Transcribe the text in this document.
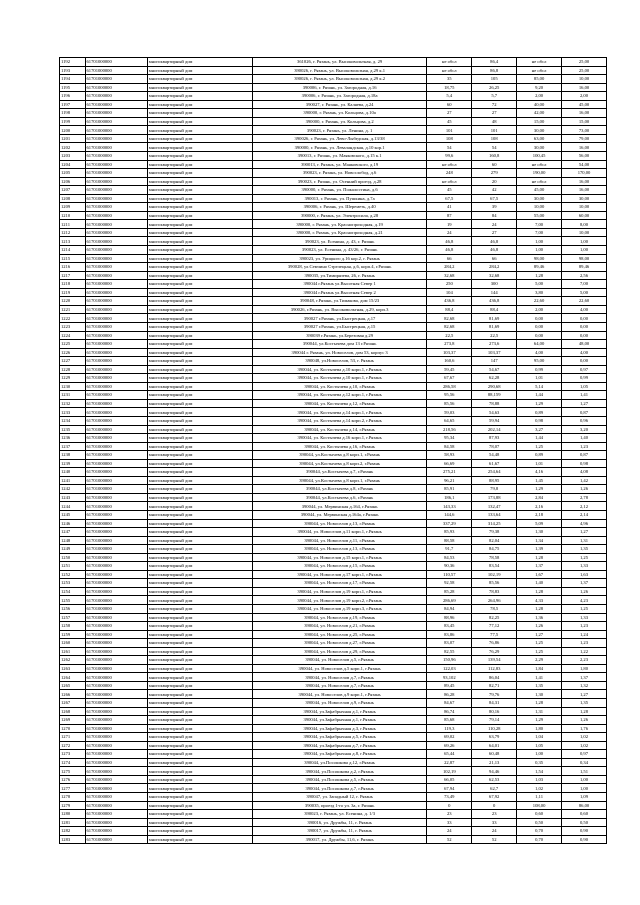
1192	61701000000	многоквартирный дом	361026, г. Рязань, ул. Высоковольтная, д. 29	не обсл	86,4	не обсл	25,00
1193	61701000000	многоквартирный дом	390026, г. Рязань, ул. Высоковольтная, д.29 к.1	не обсл	86,8	не обсл	25,00
1194	61701000000	многоквартирный дом	390026, г. Рязань, ул. Высоковольтная, д.29 к.2	35	105	85,00	10,00
1195	61701000000	многоквартирный дом	390006, г. Рязань, ул. Загородная, д.16	18,75	26,25	9,20	16,00
1196	61701000000	многоквартирный дом	390006, г. Рязань, ул. Загородная, д.18а	5,4	5,7	2,00	2,00
1197	61701000000	многоквартирный дом	390027, г. Рязань, ул. Каляева, д.24	60	72	40,00	45,00
1198	61701000000	многоквартирный дом	390000, г. Рязань, ул. Кольцова, д.10а	27	27	42,00	16,00
1199	61701000000	многоквартирный дом	390000, г. Рязань, ул. Кольцова, д.2	45	48	15,00	15,00
1200	61701000000	многоквартирный дом	390023, г. Рязань, ул. Ленина, д. 1	101	101	30,00	73,00
1201	61701000000	многоквартирный дом	390026, г. Рязань, ул. Лево-Лыбедская, д.13/38	108	108	63,00	79,00
1202	61701000000	многоквартирный дом	390000, г. Рязань, ул. Леваландская, д.10 кор.1	54	54	30,00	16,00
1203	61701000000	многоквартирный дом	390013, г. Рязань, ул. Маяковского, д.15 к.1	99,6	160,8	100,45	56,00
1204	61701000000	многоквартирный дом	390013, г. Рязань, ул. Маяковского, д.19	не обсл	60	не обсл	54,00
1205	61701000000	многоквартирный дом	390023, г. Рязань, ул. Новослобод, д.6	248	279	190,00	170,00
1206	61701000000	многоквартирный дом	390023, г. Рязань, ул. Осенний проезд, д.28	не обсл	20	не обсл	16,00
1207	61701000000	многоквартирный дом	390000, г. Рязань, ул. Пожалостина, д.6	45	42	45,00	16,00
1208	61701000000	многоквартирный дом	390013, г. Рязань, ул. Пушкина, д.7а	67,5	67,5	30,00	30,00
1209	61701000000	многоквартирный дом	390006, г. Рязань, ул. Шереметь, д.40	41	39	10,00	10,00
1210	61701000000	многоквартирный дом	390000, г. Рязань, ул. Электросила, д.28	87	84	55,00	60,00
1211	61701000000	многоквартирный дом	390000, г. Рязань, ул. Краснопроходная, д.19	19	24	7,00	8,00
1212	61701000000	многоквартирный дом	390000, г. Рязань, ул. Краснопроходная, д.21	24	27	7,00	10,00
1213	61701000000	многоквартирный дом	390023, ул. Есенина, д. 43, г. Рязань	46,8	46,8	1,00	1,00
1214	61701000000	многоквартирный дом	390023, ул. Есенина, д. 43/26, г. Рязань	46,8	46,8	1,00	1,00
1215	61701000000	многоквартирный дом	390023, ул. Урицкого д.16 кор.2, г. Рязань	66	66	98,00	98,00
1216	61701000000	многоквартирный дом	390028, ул.Семчино Стрелецкая, д.6, корп.4, г.Рязань	284,2	284,2	89,46	89,46
1217	61701000000	многоквартирный дом	390035, ул.Тимирязева, 26, г. Рязань	32,68	32,68	1,28	2,56
1218	61701000000	многоквартирный дом	390044 г.Рязань ул.Высотная Север 1	250	300	5,00	7,00
1219	61701000000	многоквартирный дом	390044 г.Рязань ул.Высотная Север 2	104	144	3,80	5,00
1220	61701000000	многоквартирный дом	390048, г.Рязань, ул.Тимакова, дом 15/23	436,8	436,8	22,60	22,60
1221	61701000000	многоквартирный дом	390026, г.Рязань, ул. Высоковольтная, д.29, корп.3	88,4	88,4	2,00	4,00
1222	61701000000	многоквартирный дом	390027 г.Рязань, ул.Быстрецкая, д.17	82,68	81,69	0,00	0,00
1223	61701000000	многоквартирный дом	390027 г.Рязань, ул.Быстрецкая, д.15	82,68	81,69	0,00	0,00
1224	61701000000	многоквартирный дом	390039 г.Рязань, ул.Березовая д.29	22,5	22,5	0,00	0,00
1225	61701000000	многоквартирный дом	390044, ул.Костычева дом 13 г.Рязань	273,8	273,6	64,00	48,00
1226	61701000000	многоквартирный дом	390044 г. Рязань, ул. Новоселов, дом 53, корпус 3	103,37	103,37	4,00	4,00
1227	61701000000	многоквартирный дом	390048, ул.Новоселов, 53, г. Рязань	160,6	147	95,00	0,00
1228	61701000000	многоквартирный дом	390044, ул. Костычева д.10 корп.1, г.Рязань	59,45	54,67	0,99	0,97
1229	61701000000	многоквартирный дом	390044, ул. Костычева д.10 корп.1, г.Рязань	67,67	62,28	1,01	0,99
1230	61701000000	многоквартирный дом	390044, ул. Костычева д.10, г.Рязань	286,58	290,68	5,14	1,05
1231	61701000000	многоквартирный дом	390044, ул. Костычева д.12 корп.1, г.Рязань	95,56	88,159	1,44	1,41
1232	61701000000	многоквартирный дом	390044, ул. Костычева д.12, г.Рязань	85,56	78,88	1,29	1,27
1233	61701000000	многоквартирный дом	390044, ул. Костычева д.14 корп.1, г.Рязань	59,03	54,63	0,89	0,87
1234	61701000000	многоквартирный дом	390044, ул. Костычева д.14 корп.2, г.Рязань	64,65	59,94	0,98	0,96
1235	61701000000	многоквартирный дом	390044, ул. Костычева д.14, г.Рязань	218,56	202,14	3,27	3,20
1236	61701000000	многоквартирный дом	390044, ул. Костычева д.16 корп.1, г.Рязань	95,34	87,93	1,44	1,40
1237	61701000000	многоквартирный дом	390044, ул. Костычева д.16, г.Рязань	84,58	78,07	1,25	1,23
1238	61701000000	многоквартирный дом	390044, ул.Костычева д.8 корп.1, г.Рязань	58,93	54,48	0,89	0,87
1239	61701000000	многоквартирный дом	390044, ул.Костычева д.8 корп.2, г.Рязань	66,69	61,67	1,01	0,98
1240	61701000000	многоквартирный дом	390044, ул.Костычева д.7, г.Рязань	275,21	254,64	4,16	4,08
1241	61701000000	многоквартирный дом	390044, ул.Костычева д.8 корп.1, г.Рязань	96,21	88,95	1,45	1,42
1242	61701000000	многоквартирный дом	390044, ул.Костычева д.8, г.Рязань	85,91	79,8	1,29	1,26
1243	61701000000	многоквартирный дом	390044, ул.Костычева д.6, г.Рязань	186,1	173,88	2,84	2,78
1244	61701000000	многоквартирный дом	390044, ул. Мервинская д.164, г.Рязань	143,33	132,47	2,16	2,12
1245	61701000000	многоквартирный дом	390044, ул. Мервинская д.164а, г.Рязань	144,6	133,64	2,18	2,14
1246	61701000000	многоквартирный дом	390044, ул. Новоселов д.13, г.Рязань	337,29	314,25	5,09	4,96
1247	61701000000	многоквартирный дом	390044, ул. Новоселов д.11 корп.1, г.Рязань	85,93	79,38	1,30	1,27
1248	61701000000	многоквартирный дом	390044, ул. Новоселов д.11, г.Рязань	88,58	82,04	1,34	1,31
1249	61701000000	многоквартирный дом	390044, ул. Новоселов д.13, г.Рязань	91,7	84,75	1,39	1,35
1250	61701000000	многоквартирный дом	390044, ул. Новоселов д.15 корп.1, г.Рязань	84,53	78,58	1,28	1,25
1251	61701000000	многоквартирный дом	390044, ул. Новоселов д.15, г.Рязань	90,36	83,54	1,37	1,33
1252	61701000000	многоквартирный дом	390044, ул. Новоселов д.17 корп.1, г.Рязань	110,57	102,19	1,67	1,63
1253	61701000000	многоквартирный дом	390044, ул. Новоселов д.17, г.Рязань	92,58	85,56	1,40	1,37
1254	61701000000	многоквартирный дом	390044, ул. Новоселов д.19 корп.1, г.Рязань	85,28	78,83	1,28	1,26
1255	61701000000	многоквартирный дом	390044, ул. Новоселов д.19 корп.2, г.Рязань	286,69	264,96	4,33	4,23
1256	61701000000	многоквартирный дом	390044, ул. Новоселов д.19 корп.3, г.Рязань	84,94	78,5	1,28	1,25
1257	61701000000	многоквартирный дом	390044, ул. Новоселов д.19, г.Рязань	88,96	82,25	1,36	1,33
1258	61701000000	многоквартирный дом	390044, ул. Новоселов д.21, г.Рязань	83,45	77,12	1,26	1,23
1259	61701000000	многоквартирный дом	390044, ул. Новоселов д.25, г.Рязань	83,86	77,5	1,27	1,24
1260	61701000000	многоквартирный дом	390044, ул. Новоселов д.27, г.Рязань	83,07	76,86	1,25	1,23
1261	61701000000	многоквартирный дом	390044, ул. Новоселов д.29, г.Рязань	82,55	76,29	1,25	1,22
1262	61701000000	многоквартирный дом	390044, ул. Новоселов д.5, г.Рязань	150,96	139,54	2,29	2,23
1263	61701000000	многоквартирный дом	390044, ул. Новоселов д.5 корп.1, г.Рязань	122,03	112,83	1,84	1,80
1264	61701000000	многоквартирный дом	390044, ул. Новоселов д.7, г.Рязань	93,102	86,04	1,41	1,37
1265	61701000000	многоквартирный дом	390044, ул. Новоселов д.7, г.Рязань	89,45	82,71	1,35	1,32
1266	61701000000	многоквартирный дом	390044, ул. Новоселов д.9 корп.1, г.Рязань	86,28	79,76	1,30	1,27
1267	61701000000	многоквартирный дом	390044, ул. Новоселов д.9, г.Рязань	84,67	84,31	1,28	1,35
1268	61701000000	многоквартирный дом	390044, ул.Зафабрычная д.1, г.Рязань	86,74	80,16	1,31	1,28
1269	61701000000	многоквартирный дом	390044, ул.Зафабрычная д.1, г.Рязань	85,68	79,14	1,29	1,26
1270	61701000000	многоквартирный дом	390044, ул.Зафабрычная д.3, г.Рязань	119,3	110,28	1,80	1,76
1271	61701000000	многоквартирный дом	390044, ул.Зафабрычная д.5, г.Рязань	69,02	63,79	1,04	1,02
1272	61701000000	многоквартирный дом	390044, ул.Зафабрычная д.7, г.Рязань	69,26	64,01	1,05	1,02
1273	61701000000	многоквартирный дом	390044, ул.Зафабрычная д.8, г.Рязань	65,44	60,48	1,00	0,97
1274	61701000000	многоквартирный дом	390044, ул.Посошкова д.12, г.Рязань	22,87	21,13	0,35	0,34
1275	61701000000	многоквартирный дом	390044, ул.Посошкова д.2, г.Рязань	102,19	94,46	1,54	1,51
1276	61701000000	многоквартирный дом	390044, ул.Посошкова д.5, г.Рязань	66,05	62,53	1,03	1,00
1277	61701000000	многоквартирный дом	390044, ул.Посошкова д.7, г.Рязань	67,94	62,7	1,02	1,00
1278	61701000000	многоквартирный дом	390047, ул. Западный 12, г. Рязань	73,49	67,92	1,11	1,09
1279	61701000000	многоквартирный дом	390035, проезд 1-го ул. 3а, г. Рязань	0	0	108,00	86,00
1280	61701000000	многоквартирный дом	390023, г. Рязань, ул. Есенина, д. 1/3	23	23	0,60	0,60
1281	61701000000	многоквартирный дом	390016, ул. Дружбы, 11, г. Рязань	33	33	0,50	0,50
1282	61701000000	многоквартирный дом	390017, ул. Дружбы, 11, г. Рязань	24	24	0,70	0,90
1283	61701000000	многоквартирный дом	390017, ул. Дружбы, 11,6, г. Рязань	52	52	0,70	0,90
